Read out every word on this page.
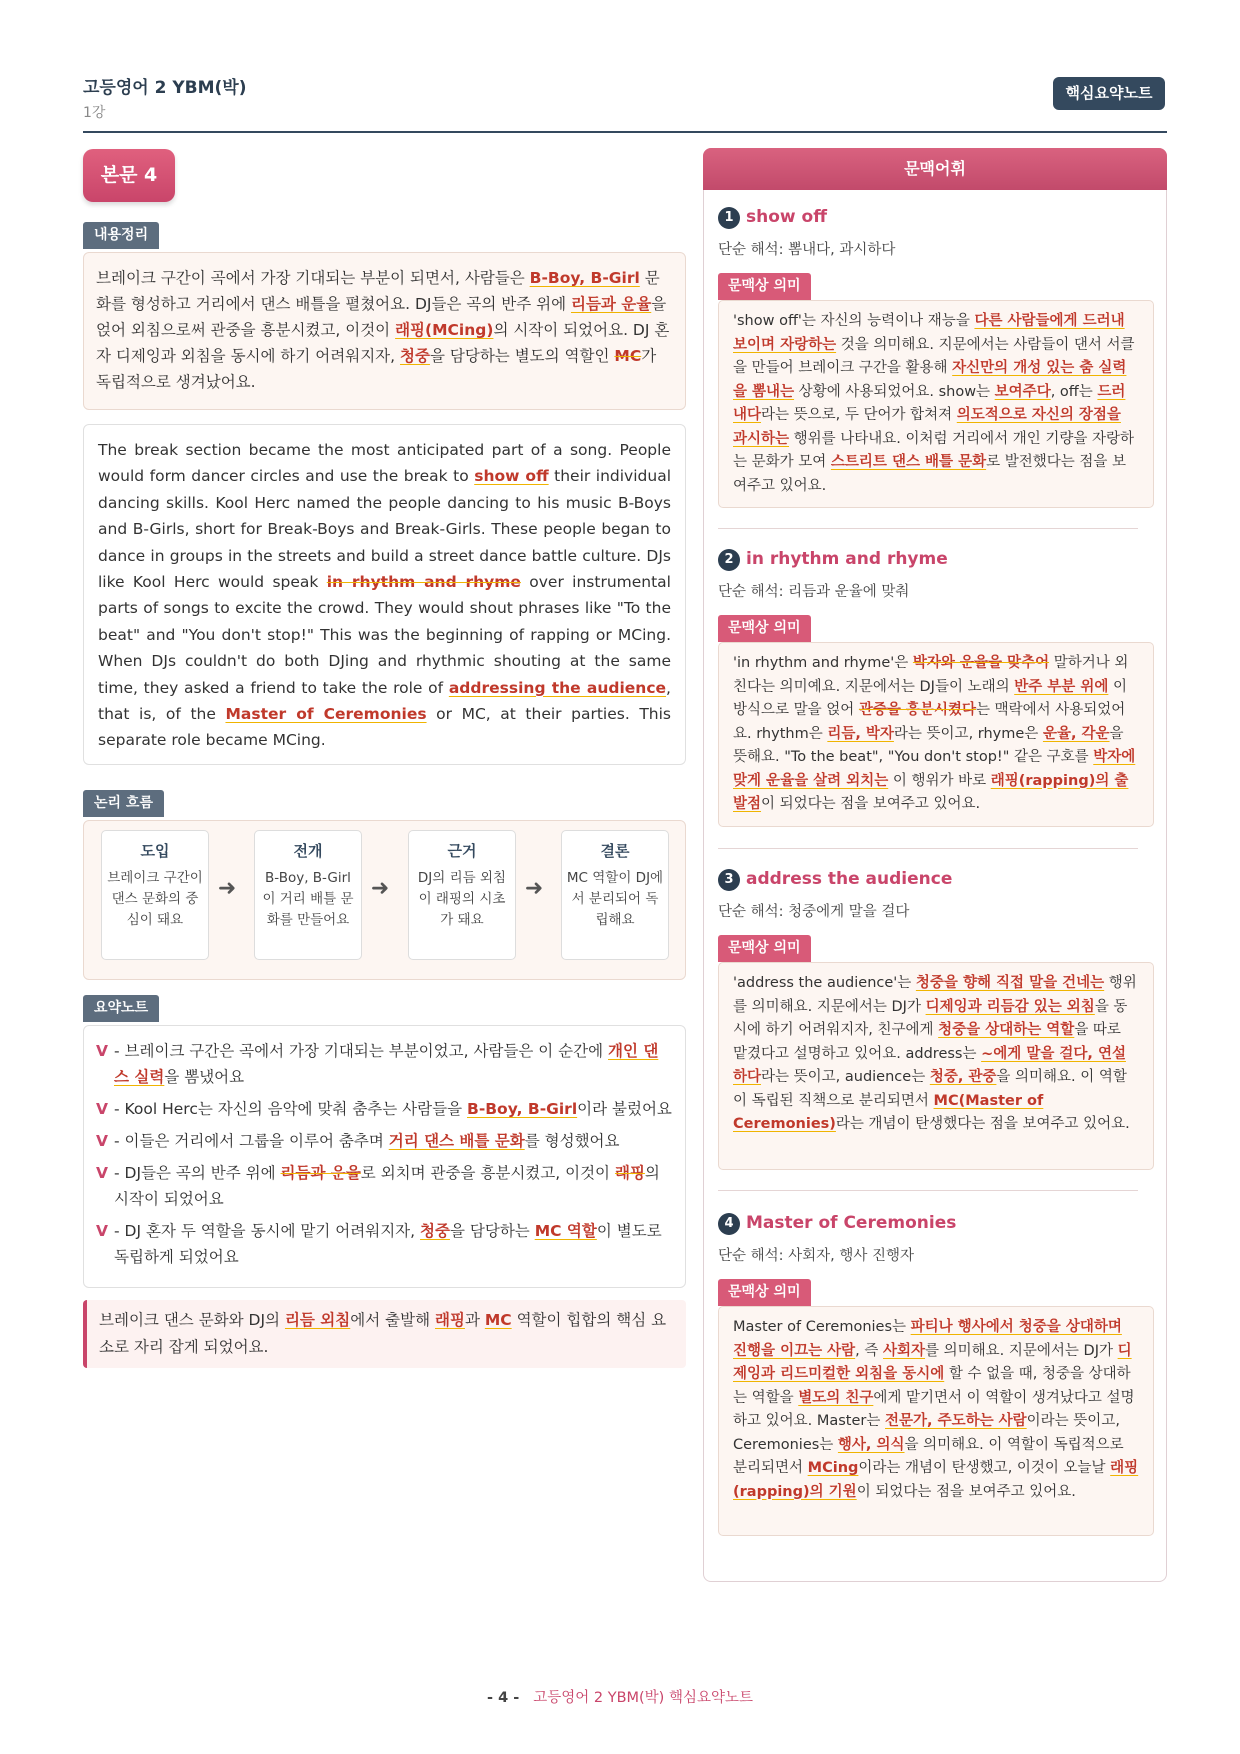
고등영어 2 YBM(박)
1강
핵심요약노트
본문 4
내용정리
브레이크 구간이 곡에서 가장 기대되는 부분이 되면서, 사람들은 B-Boy, B-Girl 문화를 형성하고 거리에서 댄스 배틀을 펼쳤어요. DJ들은 곡의 반주 위에 리듬과 운율을 얹어 외침으로써 관중을 흥분시켰고, 이것이 래핑(MCing)의 시작이 되었어요. DJ 혼자 디제잉과 외침을 동시에 하기 어려워지자, 청중을 담당하는 별도의 역할인 MC가 독립적으로 생겨났어요.
The break section became the most anticipated part of a song. People would form dancer circles and use the break to show off their individual dancing skills. Kool Herc named the people dancing to his music B-Boys and B-Girls, short for Break-Boys and Break-Girls. These people began to dance in groups in the streets and build a street dance battle culture. DJs like Kool Herc would speak in rhythm and rhyme over instrumental parts of songs to excite the crowd. They would shout phrases like "To the beat" and "You don't stop!" This was the beginning of rapping or MCing. When DJs couldn't do both DJing and rhythmic shouting at the same time, they asked a friend to take the role of addressing the audience, that is, of the Master of Ceremonies or MC, at their parties. This separate role became MCing.
논리 흐름
도입
브레이크 구간이 댄스 문화의 중심이 돼요
➜
전개
B-Boy, B-Girl이 거리 배틀 문화를 만들어요
➜
근거
DJ의 리듬 외침이 래핑의 시초가 돼요
➜
결론
MC 역할이 DJ에서 분리되어 독립해요
요약노트
V - 브레이크 구간은 곡에서 가장 기대되는 부분이었고, 사람들은 이 순간에 개인 댄스 실력을 뽐냈어요
V - Kool Herc는 자신의 음악에 맞춰 춤추는 사람들을 B-Boy, B-Girl이라 불렀어요
V - 이들은 거리에서 그룹을 이루어 춤추며 거리 댄스 배틀 문화를 형성했어요
V - DJ들은 곡의 반주 위에 리듬과 운율로 외치며 관중을 흥분시켰고, 이것이 래핑의 시작이 되었어요
V - DJ 혼자 두 역할을 동시에 맡기 어려워지자, 청중을 담당하는 MC 역할이 별도로 독립하게 되었어요
브레이크 댄스 문화와 DJ의 리듬 외침에서 출발해 래핑과 MC 역할이 힙합의 핵심 요소로 자리 잡게 되었어요.
문맥어휘
1 show off
단순 해석: 뽐내다, 과시하다
문맥상 의미
'show off'는 자신의 능력이나 재능을 다른 사람들에게 드러내 보이며 자랑하는 것을 의미해요. 지문에서는 사람들이 댄서 서클을 만들어 브레이크 구간을 활용해 자신만의 개성 있는 춤 실력을 뽐내는 상황에 사용되었어요. show는 보여주다, off는 드러내다라는 뜻으로, 두 단어가 합쳐져 의도적으로 자신의 장점을 과시하는 행위를 나타내요. 이처럼 거리에서 개인 기량을 자랑하는 문화가 모여 스트리트 댄스 배틀 문화로 발전했다는 점을 보여주고 있어요.
2 in rhythm and rhyme
단순 해석: 리듬과 운율에 맞춰
문맥상 의미
'in rhythm and rhyme'은 박자와 운율을 맞추어 말하거나 외친다는 의미예요. 지문에서는 DJ들이 노래의 반주 부분 위에 이 방식으로 말을 얹어 관중을 흥분시켰다는 맥락에서 사용되었어요. rhythm은 리듬, 박자라는 뜻이고, rhyme은 운율, 각운을 뜻해요. "To the beat", "You don't stop!" 같은 구호를 박자에 맞게 운율을 살려 외치는 이 행위가 바로 래핑(rapping)의 출발점이 되었다는 점을 보여주고 있어요.
3 address the audience
단순 해석: 청중에게 말을 걸다
문맥상 의미
'address the audience'는 청중을 향해 직접 말을 건네는 행위를 의미해요. 지문에서는 DJ가 디제잉과 리듬감 있는 외침을 동시에 하기 어려워지자, 친구에게 청중을 상대하는 역할을 따로 맡겼다고 설명하고 있어요. address는 ~에게 말을 걸다, 연설하다라는 뜻이고, audience는 청중, 관중을 의미해요. 이 역할이 독립된 직책으로 분리되면서 MC(Master of Ceremonies)라는 개념이 탄생했다는 점을 보여주고 있어요.
4 Master of Ceremonies
단순 해석: 사회자, 행사 진행자
문맥상 의미
Master of Ceremonies는 파티나 행사에서 청중을 상대하며 진행을 이끄는 사람, 즉 사회자를 의미해요. 지문에서는 DJ가 디제잉과 리드미컬한 외침을 동시에 할 수 없을 때, 청중을 상대하는 역할을 별도의 친구에게 맡기면서 이 역할이 생겨났다고 설명하고 있어요. Master는 전문가, 주도하는 사람이라는 뜻이고, Ceremonies는 행사, 의식을 의미해요. 이 역할이 독립적으로 분리되면서 MCing이라는 개념이 탄생했고, 이것이 오늘날 래핑(rapping)의 기원이 되었다는 점을 보여주고 있어요.
- 4 - 고등영어 2 YBM(박) 핵심요약노트
